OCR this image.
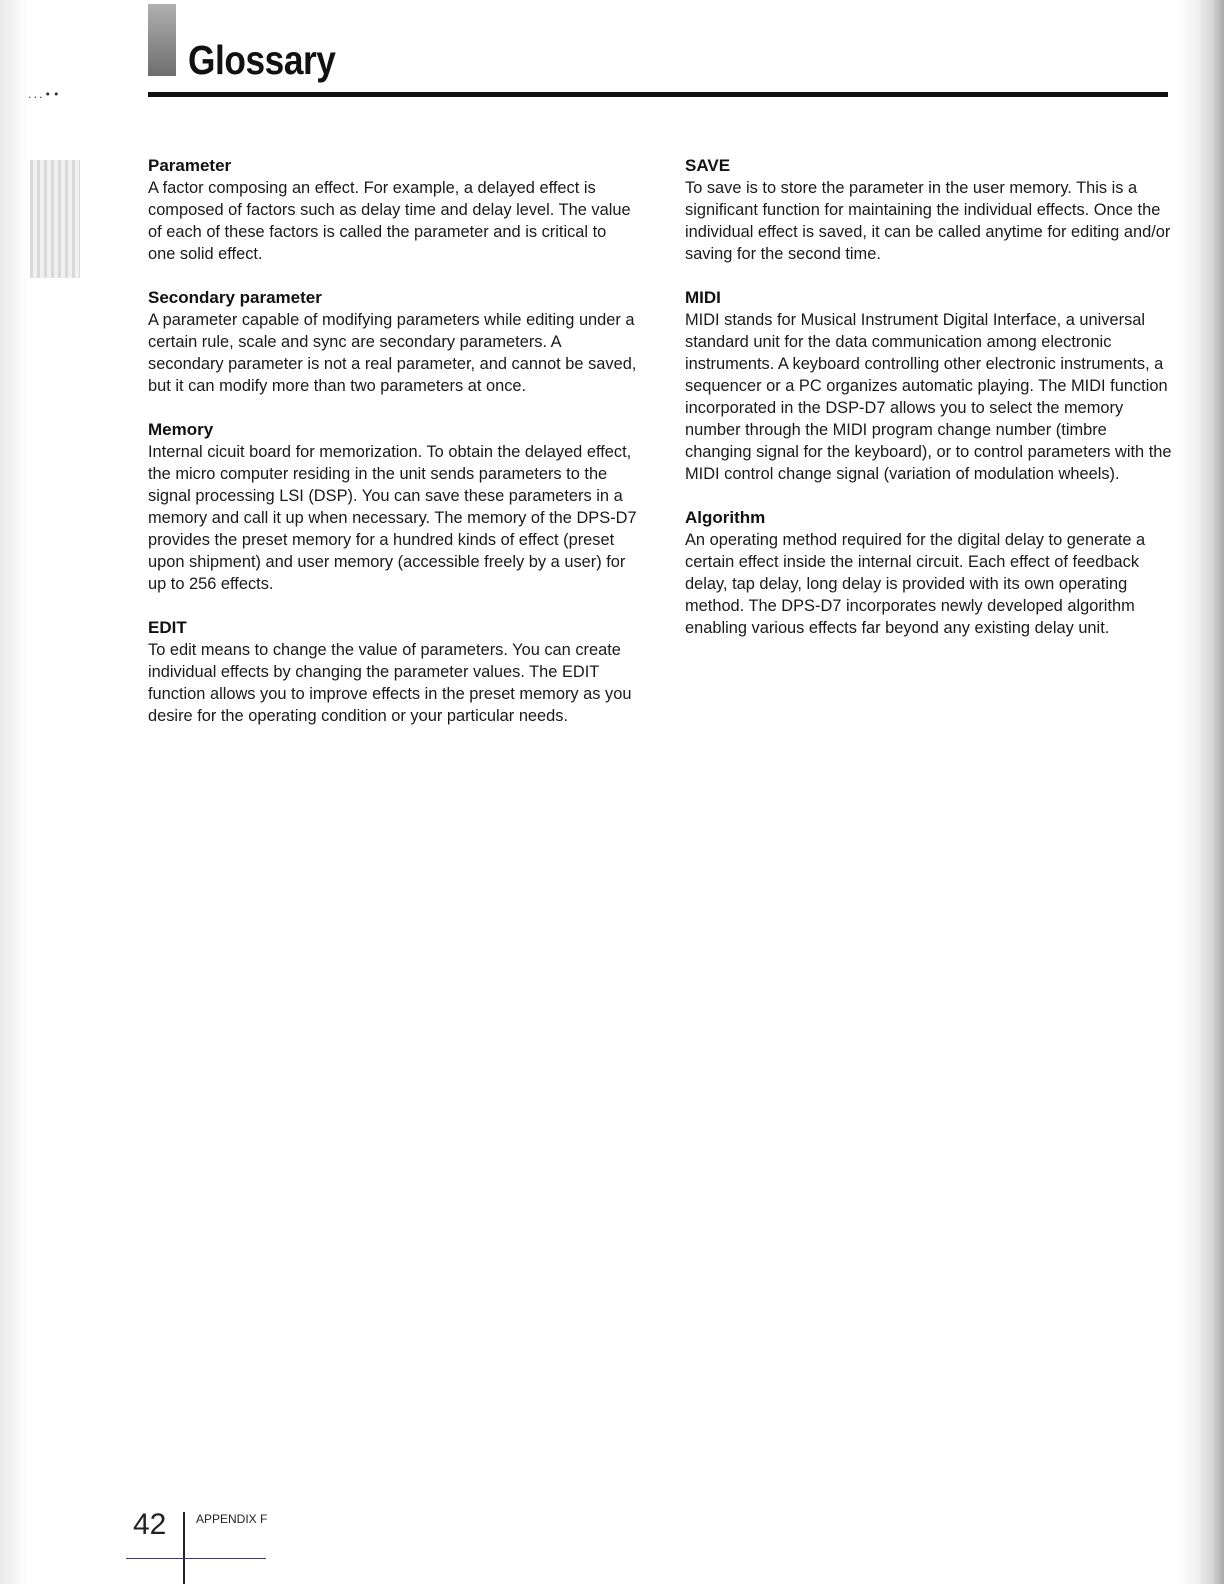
...••
Glossary

Parameter

A factor composing an effect. For example, a delayed effect is composed of factors such as delay time and delay level. The value of each of these factors is called the parameter and is critical to one solid effect.

Secondary parameter

A parameter capable of modifying parameters while editing under a certain rule, scale and sync are secondary parameters. A secondary parameter is not a real parameter, and cannot be saved, but it can modify more than two parameters at once.

Memory

Internal cicuit board for memorization. To obtain the delayed effect, the micro computer residing in the unit sends parameters to the signal processing LSI (DSP). You can save these parameters in a memory and call it up when necessary. The memory of the DPS-D7 provides the preset memory for a hundred kinds of effect (preset upon shipment) and user memory (accessible freely by a user) for up to 256 effects.

EDIT

To edit means to change the value of parameters. You can create individual effects by changing the parameter values. The EDIT function allows you to improve effects in the preset memory as you desire for the operating condition or your particular needs.

SAVE

To save is to store the parameter in the user memory. This is a significant function for maintaining the individual effects. Once the individual effect is saved, it can be called anytime for editing and/or saving for the second time.

MIDI

MIDI stands for Musical Instrument Digital Interface, a universal standard unit for the data communication among electronic instruments. A keyboard controlling other electronic instruments, a sequencer or a PC organizes automatic playing. The MIDI function incorporated in the DSP-D7 allows you to select the memory number through the MIDI program change number (timbre changing signal for the keyboard), or to control parameters with the MIDI control change signal (variation of modulation wheels).

Algorithm

An operating method required for the digital delay to generate a certain effect inside the internal circuit. Each effect of feedback delay, tap delay, long delay is provided with its own operating method. The DPS-D7 incorporates newly developed algorithm enabling various effects far beyond any existing delay unit.

42 APPENDIX F
